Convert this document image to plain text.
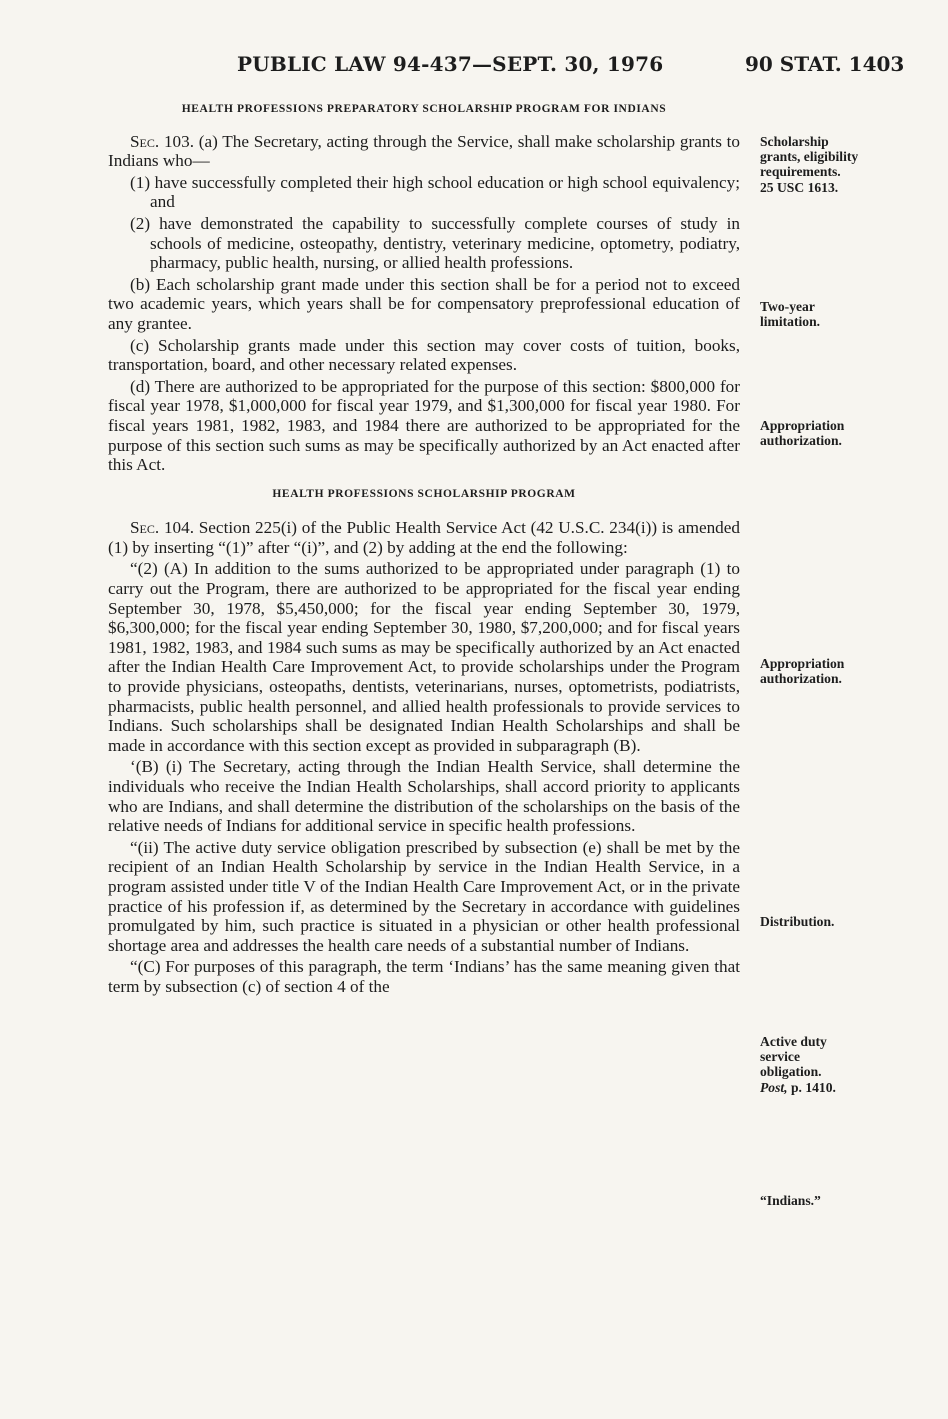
PUBLIC LAW 94-437—SEPT. 30, 1976	90 STAT. 1403
HEALTH PROFESSIONS PREPARATORY SCHOLARSHIP PROGRAM FOR INDIANS

Sec. 103. (a) The Secretary, acting through the Service, shall make scholarship grants to Indians who—

(1) have successfully completed their high school education or high school equivalency; and

(2) have demonstrated the capability to successfully complete courses of study in schools of medicine, osteopathy, dentistry, veterinary medicine, optometry, podiatry, pharmacy, public health, nursing, or allied health professions.

(b) Each scholarship grant made under this section shall be for a period not to exceed two academic years, which years shall be for compensatory preprofessional education of any grantee.

(c) Scholarship grants made under this section may cover costs of tuition, books, transportation, board, and other necessary related expenses.

(d) There are authorized to be appropriated for the purpose of this section: $800,000 for fiscal year 1978, $1,000,000 for fiscal year 1979, and $1,300,000 for fiscal year 1980. For fiscal years 1981, 1982, 1983, and 1984 there are authorized to be appropriated for the purpose of this section such sums as may be specifically authorized by an Act enacted after this Act.

HEALTH PROFESSIONS SCHOLARSHIP PROGRAM

Sec. 104. Section 225(i) of the Public Health Service Act (42 U.S.C. 234(i)) is amended (1) by inserting “(1)” after “(i)”, and (2) by adding at the end the following:

“(2) (A) In addition to the sums authorized to be appropriated under paragraph (1) to carry out the Program, there are authorized to be appropriated for the fiscal year ending September 30, 1978, $5,450,000; for the fiscal year ending September 30, 1979, $6,300,000; for the fiscal year ending September 30, 1980, $7,200,000; and for fiscal years 1981, 1982, 1983, and 1984 such sums as may be specifically authorized by an Act enacted after the Indian Health Care Improvement Act, to provide scholarships under the Program to provide physicians, osteopaths, dentists, veterinarians, nurses, optometrists, podiatrists, pharmacists, public health personnel, and allied health professionals to provide services to Indians. Such scholarships shall be designated Indian Health Scholarships and shall be made in accordance with this section except as provided in subparagraph (B).

‘(B) (i) The Secretary, acting through the Indian Health Service, shall determine the individuals who receive the Indian Health Scholarships, shall accord priority to applicants who are Indians, and shall determine the distribution of the scholarships on the basis of the relative needs of Indians for additional service in specific health professions.

“(ii) The active duty service obligation prescribed by subsection (e) shall be met by the recipient of an Indian Health Scholarship by service in the Indian Health Service, in a program assisted under title V of the Indian Health Care Improvement Act, or in the private practice of his profession if, as determined by the Secretary in accordance with guidelines promulgated by him, such practice is situated in a physician or other health professional shortage area and addresses the health care needs of a substantial number of Indians.

“(C) For purposes of this paragraph, the term ‘Indians’ has the same meaning given that term by subsection (c) of section 4 of the

Scholarship
grants, eligibility
requirements.
25 USC 1613.
Two-year
limitation.
Appropriation
authorization.
Appropriation
authorization.
Distribution.
Active duty
service
obligation.
Post, p. 1410.
“Indians.”
